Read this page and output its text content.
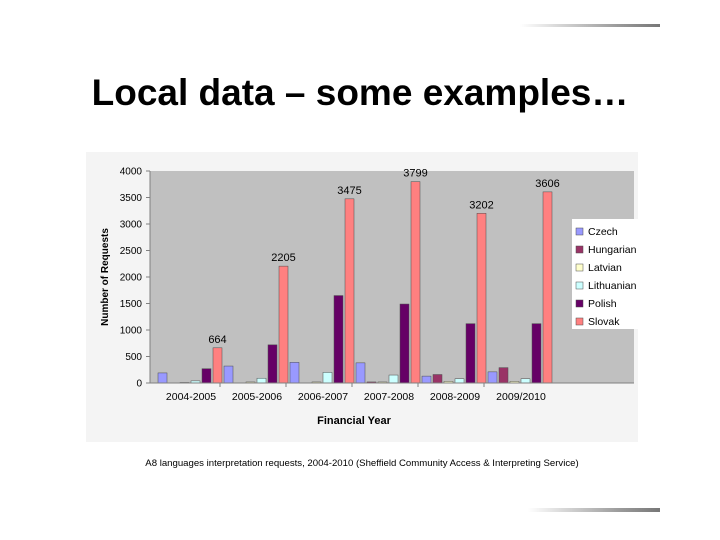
Local data – some examples…
664
2205
3475
3799
3202
3606
0
500
1000
1500
2000
2500
3000
3500
4000
2004-2005 2005-2006 2006-2007 2007-2008 2008-2009 2009/2010
Number of Requests
Financial Year
Czech
Hungarian
Latvian
Lithuanian
Polish
Slovak
A8 languages interpretation requests, 2004-2010 (Sheffield Community Access & Interpreting Service)
